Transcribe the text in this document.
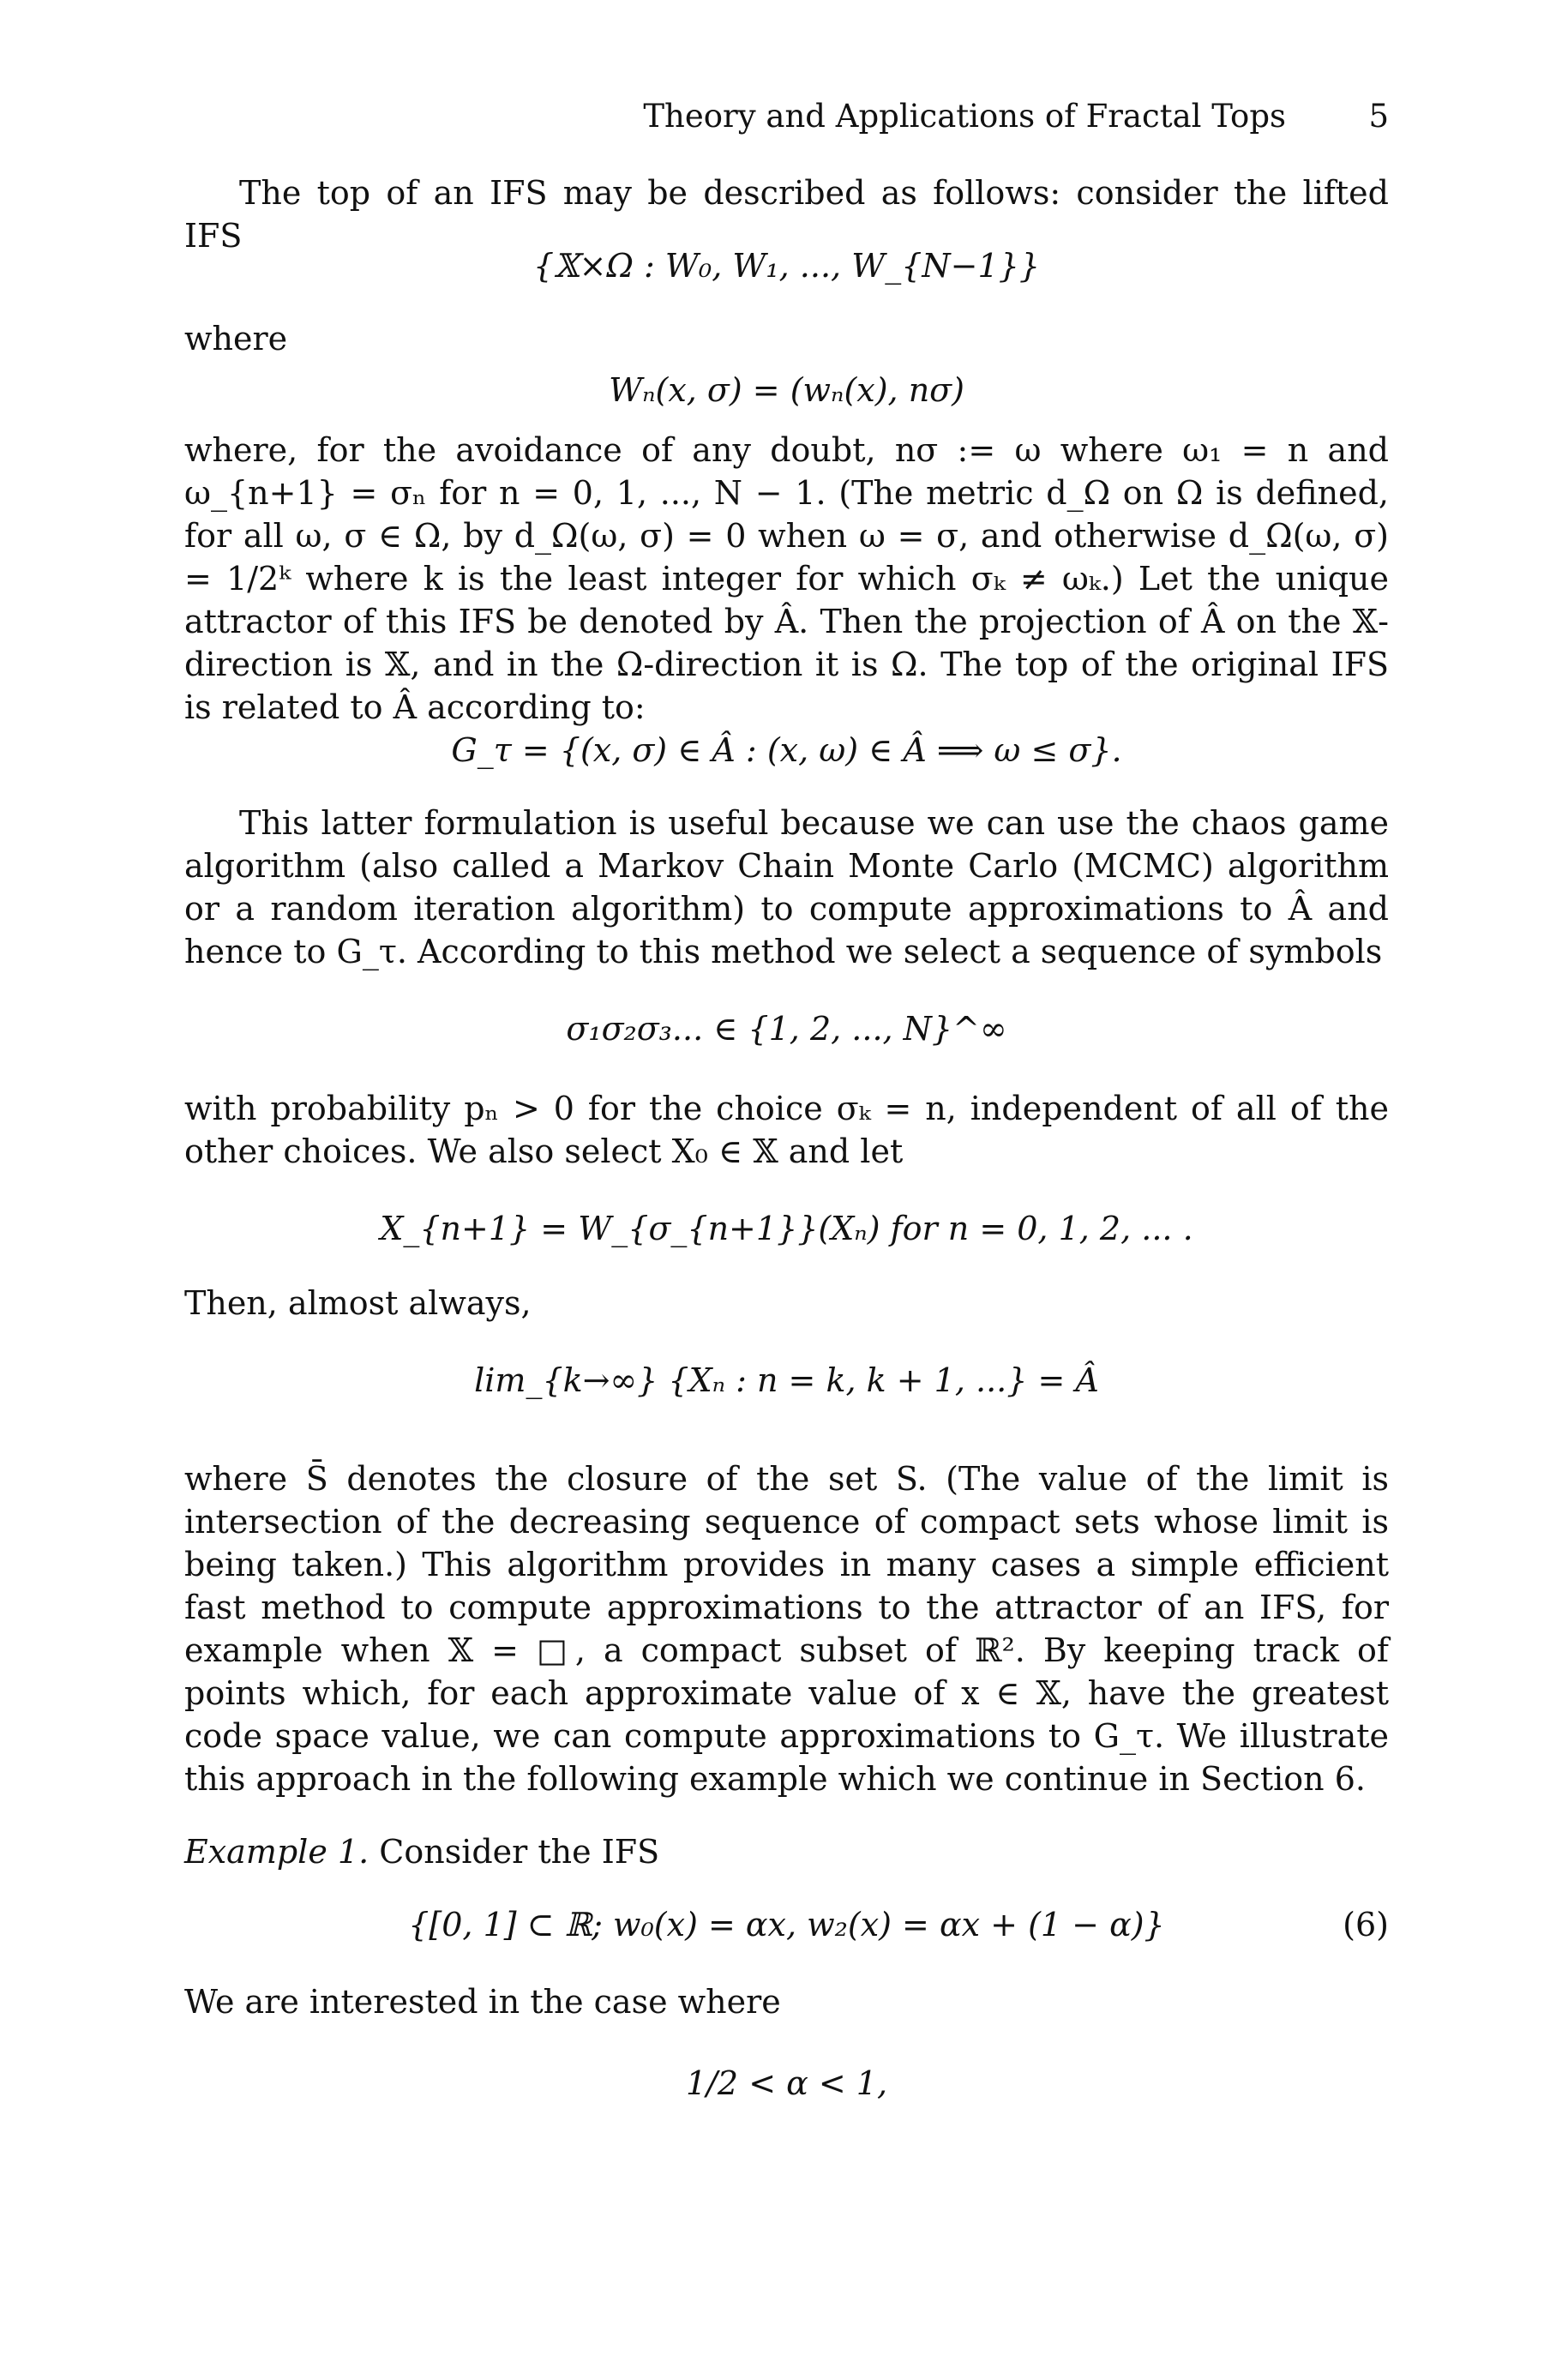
Theory and Applications of Fractal Tops	5
The top of an IFS may be described as follows: consider the lifted IFS
{𝕏×Ω : W₀, W₁, ..., W_{N−1}}
where
Wₙ(x, σ) = (wₙ(x), nσ)
where, for the avoidance of any doubt, nσ := ω where ω₁ = n and ω_{n+1} = σₙ for n = 0, 1, ..., N − 1. (The metric d_Ω on Ω is defined, for all ω, σ ∈ Ω, by d_Ω(ω, σ) = 0 when ω = σ, and otherwise d_Ω(ω, σ) = 1/2ᵏ where k is the least integer for which σₖ ≠ ωₖ.) Let the unique attractor of this IFS be denoted by Â. Then the projection of Â on the 𝕏-direction is 𝕏, and in the Ω-direction it is Ω. The top of the original IFS is related to Â according to:
G_τ = {(x, σ) ∈ Â : (x, ω) ∈ Â ⟹ ω ≤ σ}.
This latter formulation is useful because we can use the chaos game algorithm (also called a Markov Chain Monte Carlo (MCMC) algorithm or a random iteration algorithm) to compute approximations to Â and hence to G_τ. According to this method we select a sequence of symbols
σ₁σ₂σ₃... ∈ {1, 2, ..., N}^∞
with probability pₙ > 0 for the choice σₖ = n, independent of all of the other choices. We also select X₀ ∈ 𝕏 and let
X_{n+1} = W_{σ_{n+1}}(Xₙ) for n = 0, 1, 2, ... .
Then, almost always,
lim_{k→∞} {Xₙ : n = k, k + 1, ...} = Â
where S̄ denotes the closure of the set S. (The value of the limit is intersection of the decreasing sequence of compact sets whose limit is being taken.) This algorithm provides in many cases a simple efficient fast method to compute approximations to the attractor of an IFS, for example when 𝕏 = □, a compact subset of ℝ². By keeping track of points which, for each approximate value of x ∈ 𝕏, have the greatest code space value, we can compute approximations to G_τ. We illustrate this approach in the following example which we continue in Section 6.
Example 1. Consider the IFS
{[0, 1] ⊂ ℝ; w₀(x) = αx, w₂(x) = αx + (1 − α)}	(6)
We are interested in the case where
1/2 < α < 1,
